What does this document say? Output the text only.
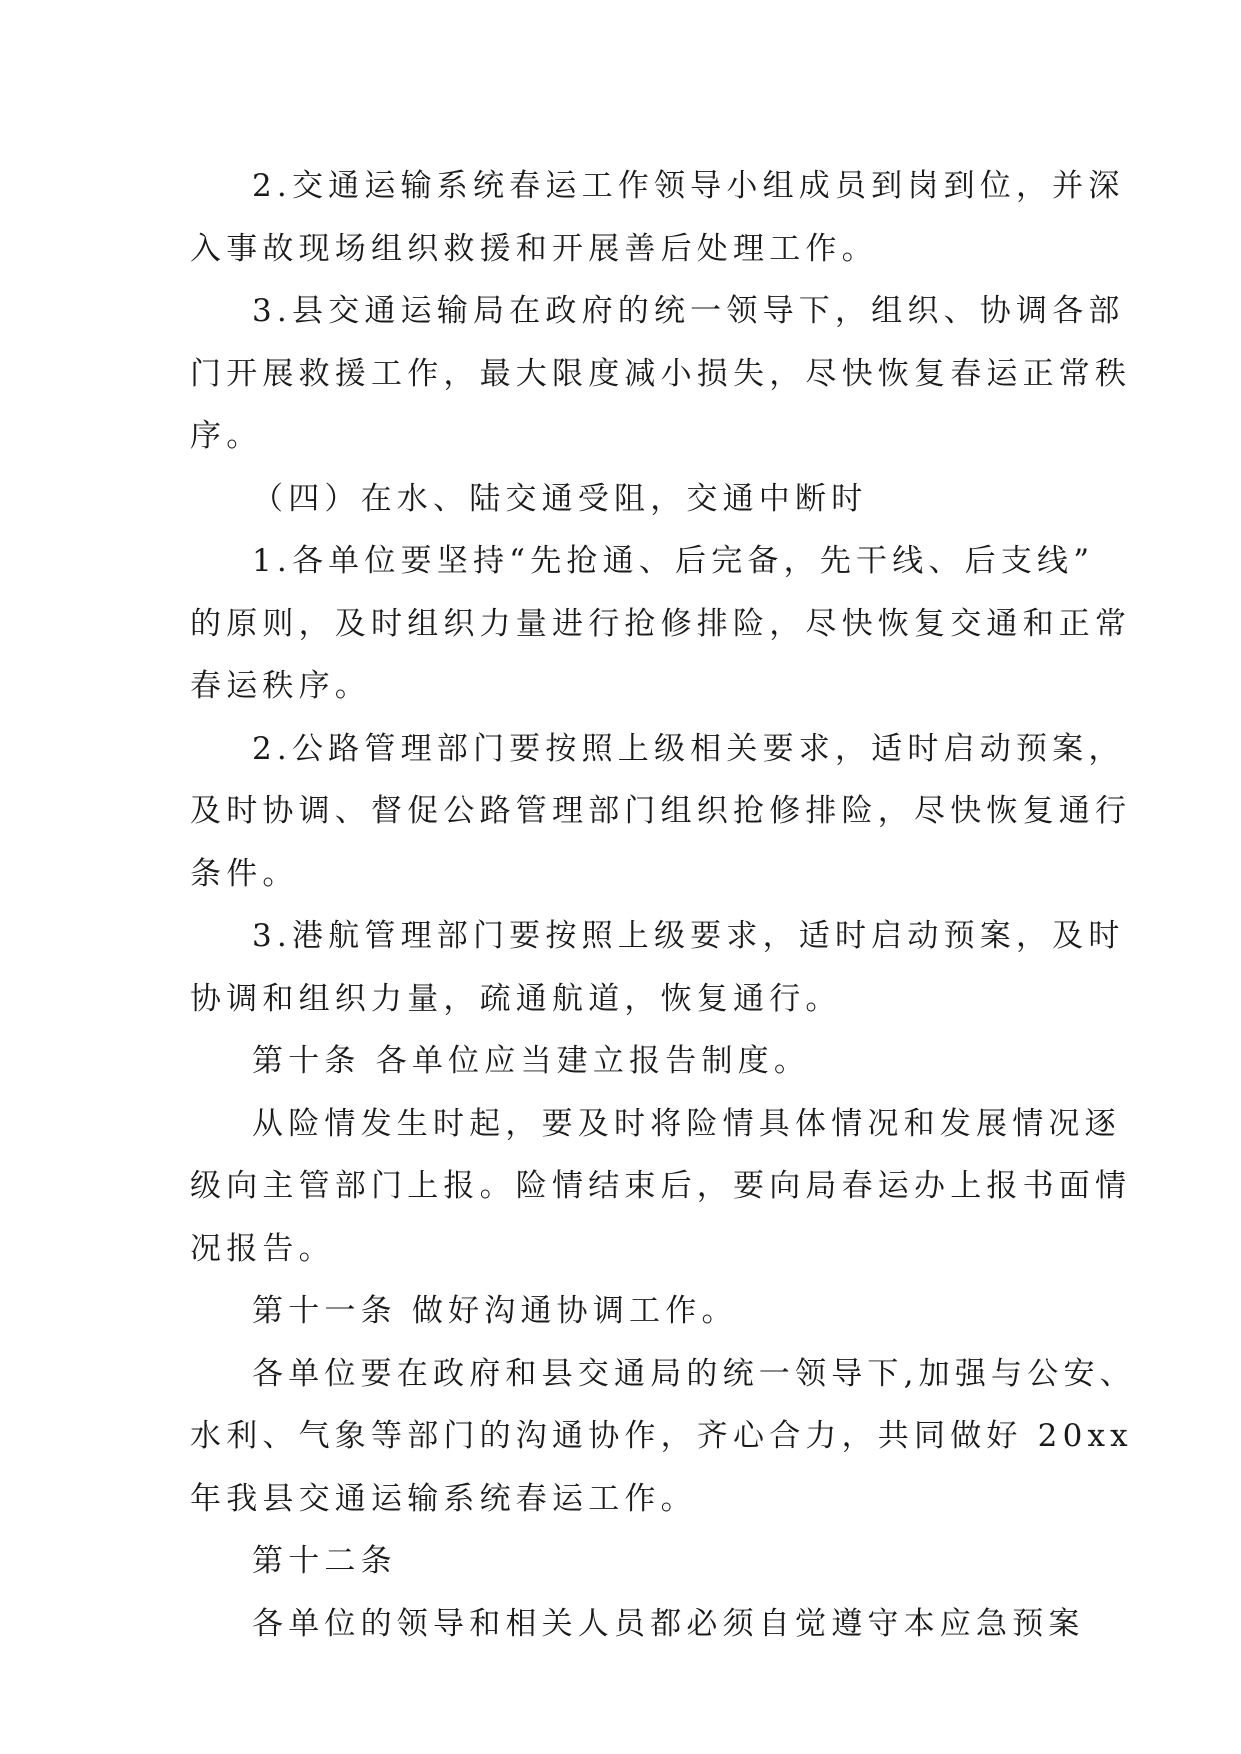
2.交通运输系统春运工作领导小组成员到岗到位，并深
入事故现场组织救援和开展善后处理工作。
3.县交通运输局在政府的统一领导下，组织、协调各部
门开展救援工作，最大限度减小损失，尽快恢复春运正常秩
序。
（四）在水、陆交通受阻，交通中断时
1.各单位要坚持“先抢通、后完备，先干线、后支线”
的原则，及时组织力量进行抢修排险，尽快恢复交通和正常
春运秩序。
2.公路管理部门要按照上级相关要求，适时启动预案，
及时协调、督促公路管理部门组织抢修排险，尽快恢复通行
条件。
3.港航管理部门要按照上级要求，适时启动预案，及时
协调和组织力量，疏通航道，恢复通行。
第十条 各单位应当建立报告制度。
从险情发生时起，要及时将险情具体情况和发展情况逐
级向主管部门上报。险情结束后，要向局春运办上报书面情
况报告。
第十一条 做好沟通协调工作。
各单位要在政府和县交通局的统一领导下,加强与公安、
水利、气象等部门的沟通协作，齐心合力，共同做好 20xx
年我县交通运输系统春运工作。
第十二条
各单位的领导和相关人员都必须自觉遵守本应急预案
